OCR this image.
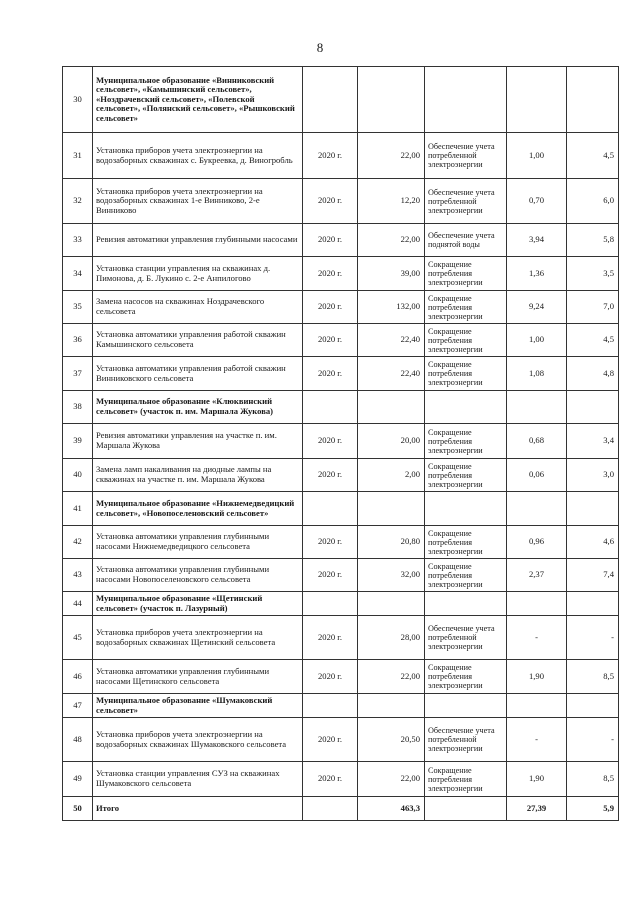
8
30	Муниципальное образование «Винниковский сельсовет», «Камышинский сельсовет», «Ноздрачевский сельсовет», «Полевской сельсовет», «Полянский сельсовет», «Рышковский сельсовет»					
31	Установка приборов учета электроэнергии на водозаборных скважинах с. Букреевка, д. Виногробль	2020 г.	22,00	Обеспечение учета потребленной электроэнергии	1,00	4,5
32	Установка приборов учета электроэнергии на водозаборных скважинах 1-е Винниково, 2-е Винниково	2020 г.	12,20	Обеспечение учета потребленной электроэнергии	0,70	6,0
33	Ревизия автоматики управления глубинными насосами	2020 г.	22,00	Обеспечение учета поднятой воды	3,94	5,8
34	Установка станции управления на скважинах д. Пимонова, д. Б. Лукино с. 2-е Анпилогово	2020 г.	39,00	Сокращение потребления электроэнергии	1,36	3,5
35	Замена насосов на скважинах Ноздрачевского сельсовета	2020 г.	132,00	Сокращение потребления электроэнергии	9,24	7,0
36	Установка автоматики управления работой скважин Камышинского сельсовета	2020 г.	22,40	Сокращение потребления электроэнергии	1,00	4,5
37	Установка автоматики управления работой скважин Винниковского сельсовета	2020 г.	22,40	Сокращение потребления электроэнергии	1,08	4,8
38	Муниципальное образование «Клюквинский сельсовет» (участок п. им. Маршала Жукова)					
39	Ревизия автоматики управления на участке п. им. Маршала Жукова	2020 г.	20,00	Сокращение потребления электроэнергии	0,68	3,4
40	Замена ламп накаливания на диодные лампы на скважинах на участке п. им. Маршала Жукова	2020 г.	2,00	Сокращение потребления электроэнергии	0,06	3,0
41	Муниципальное образование «Нижнемедведицкий сельсовет», «Новопоселеновский сельсовет»					
42	Установка автоматики управления глубинными насосами Нижнемедведицкого сельсовета	2020 г.	20,80	Сокращение потребления электроэнергии	0,96	4,6
43	Установка автоматики управления глубинными насосами Новопоселеновского сельсовета	2020 г.	32,00	Сокращение потребления электроэнергии	2,37	7,4
44	Муниципальное образование «Щетинский сельсовет» (участок п. Лазурный)					
45	Установка приборов учета электроэнергии на водозаборных скважинах Щетинский сельсовета	2020 г.	28,00	Обеспечение учета потребленной электроэнергии	-	-
46	Установка автоматики управления глубинными насосами Щетинского сельсовета	2020 г.	22,00	Сокращение потребления электроэнергии	1,90	8,5
47	Муниципальное образование «Шумаковский сельсовет»					
48	Установка приборов учета электроэнергии на водозаборных скважинах Шумаковского сельсовета	2020 г.	20,50	Обеспечение учета потребленной электроэнергии	-	-
49	Установка станции управления СУЗ на скважинах Шумаковского сельсовета	2020 г.	22,00	Сокращение потребления электроэнергии	1,90	8,5
50	Итого		463,3		27,39	5,9
